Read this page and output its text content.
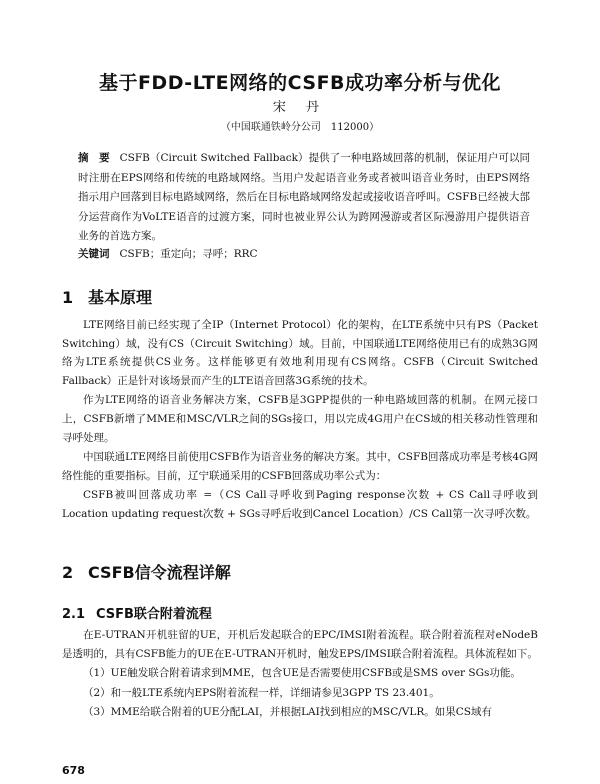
基于FDD-LTE网络的CSFB成功率分析与优化
宋 丹
（中国联通铁岭分公司　112000）
摘　要 CSFB（Circuit Switched Fallback）提供了一种电路域回落的机制，保证用户可以同时注册在EPS网络和传统的电路域网络。当用户发起语音业务或者被叫语音业务时，由EPS网络指示用户回落到目标电路域网络，然后在目标电路域网络发起或接收语音呼叫。CSFB已经被大部分运营商作为VoLTE语音的过渡方案，同时也被业界公认为跨网漫游或者区际漫游用户提供语音业务的首选方案。
关键词 CSFB；重定向；寻呼；RRC
1 基本原理

LTE网络目前已经实现了全IP（Internet Protocol）化的架构，在LTE系统中只有PS（Packet Switching）域，没有CS（Circuit Switching）域。目前，中国联通LTE网络使用已有的成熟3G网络为LTE系统提供CS业务。这样能够更有效地利用现有CS网络。CSFB（Circuit Switched Fallback）正是针对该场景而产生的LTE语音回落3G系统的技术。

作为LTE网络的语音业务解决方案，CSFB是3GPP提供的一种电路域回落的机制。在网元接口上，CSFB新增了MME和MSC/VLR之间的SGs接口，用以完成4G用户在CS域的相关移动性管理和寻呼处理。

中国联通LTE网络目前使用CSFB作为语音业务的解决方案。其中，CSFB回落成功率是考核4G网络性能的重要指标。目前，辽宁联通采用的CSFB回落成功率公式为：

CSFB被叫回落成功率 =（CS Call寻呼收到Paging response次数 + CS Call寻呼收到Location updating request次数 + SGs寻呼后收到Cancel Location）/CS Call第一次寻呼次数。

2 CSFB信令流程详解
2.1 CSFB联合附着流程

在E-UTRAN开机驻留的UE，开机后发起联合的EPC/IMSI附着流程。联合附着流程对eNodeB是透明的，具有CSFB能力的UE在E-UTRAN开机时，触发EPS/IMSI联合附着流程。具体流程如下。

（1）UE触发联合附着请求到MME，包含UE是否需要使用CSFB或是SMS over SGs功能。

（2）和一般LTE系统内EPS附着流程一样，详细请参见3GPP TS 23.401。

（3）MME给联合附着的UE分配LAI，并根据LAI找到相应的MSC/VLR。如果CS域有

678
